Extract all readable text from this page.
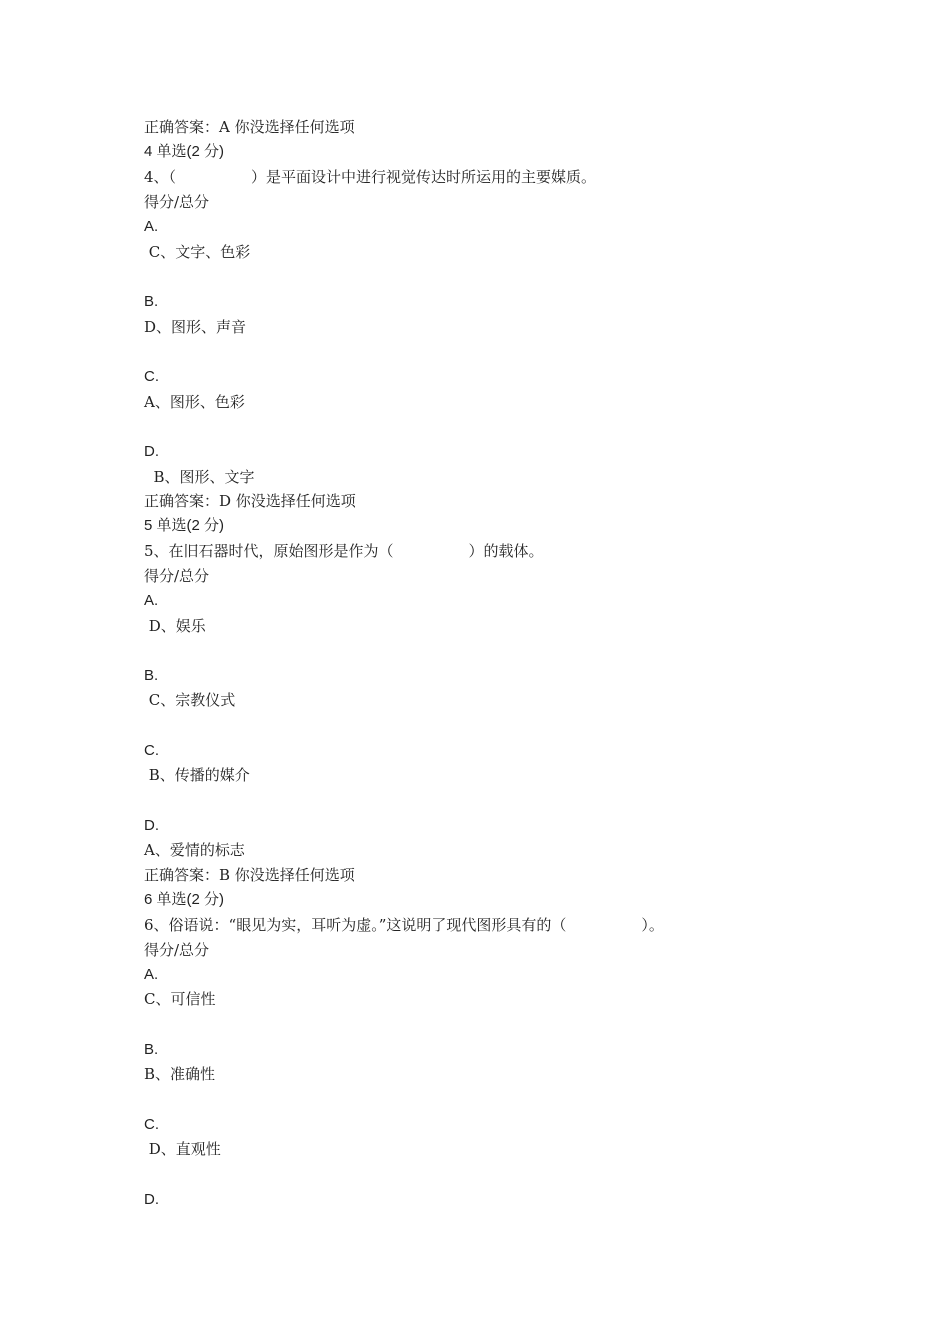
正确答案：A 你没选择任何选项
4 单选(2 分)
4、（　　　　　）是平面设计中进行视觉传达时所运用的主要媒质。
得分/总分
A.
C、文字、色彩
B.
D、图形、声音
C.
A、图形、色彩
D.
B、图形、文字
正确答案：D 你没选择任何选项
5 单选(2 分)
5、在旧石器时代，原始图形是作为（　　　　　）的载体。
得分/总分
A.
D、娱乐
B.
C、宗教仪式
C.
B、传播的媒介
D.
A、爱情的标志
正确答案：B 你没选择任何选项
6 单选(2 分)
6、俗语说：“眼见为实，耳听为虚。”这说明了现代图形具有的（　　　　　）。
得分/总分
A.
C、可信性
B.
B、准确性
C.
D、直观性
D.
